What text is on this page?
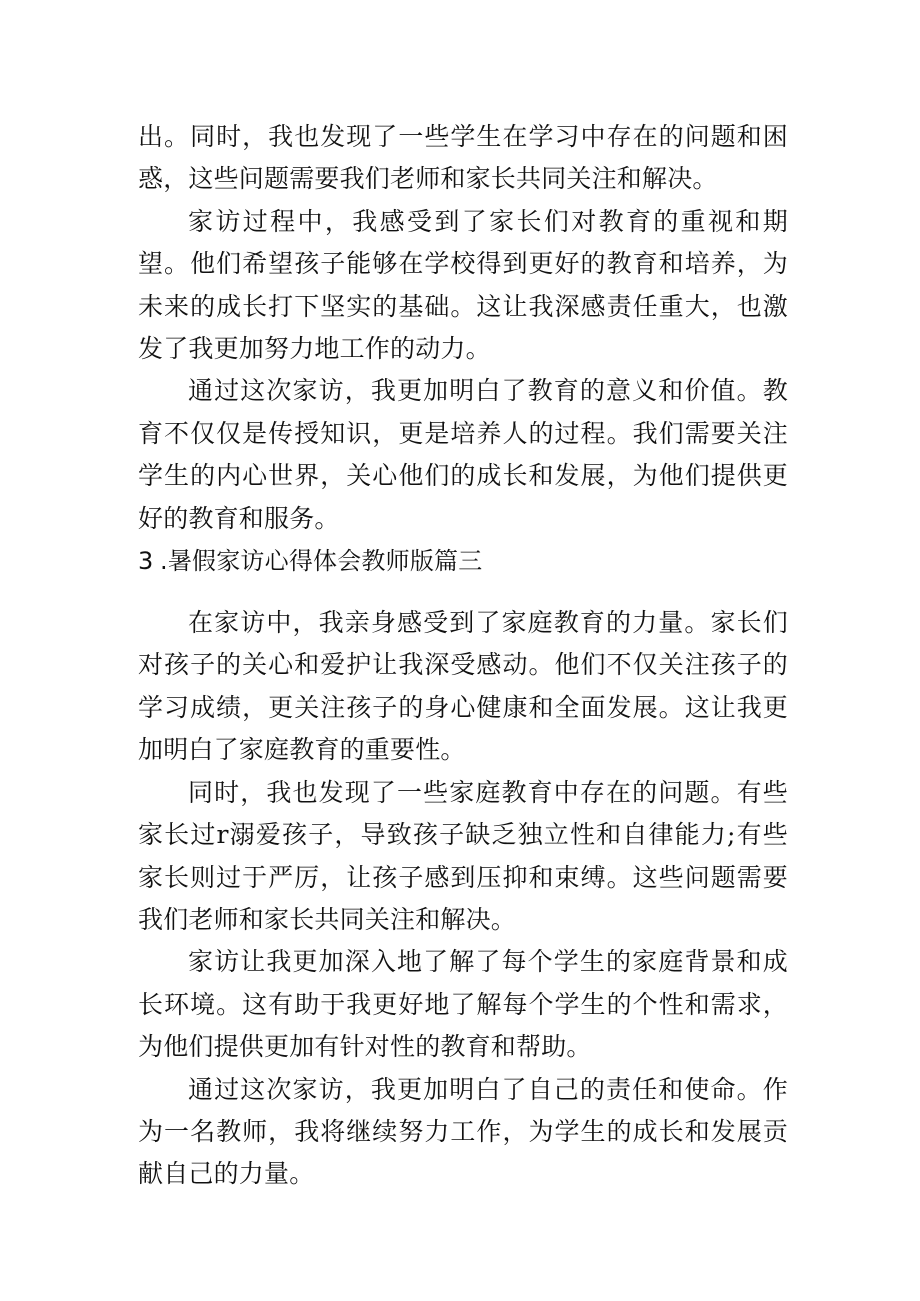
出。同时，我也发现了一些学生在学习中存在的问题和困惑，这些问题需要我们老师和家长共同关注和解决。

家访过程中，我感受到了家长们对教育的重视和期望。他们希望孩子能够在学校得到更好的教育和培养，为未来的成长打下坚实的基础。这让我深感责任重大，也激发了我更加努力地工作的动力。

通过这次家访，我更加明白了教育的意义和价值。教育不仅仅是传授知识，更是培养人的过程。我们需要关注学生的内心世界，关心他们的成长和发展，为他们提供更好的教育和服务。

3 .暑假家访心得体会教师版篇三

在家访中，我亲身感受到了家庭教育的力量。家长们对孩子的关心和爱护让我深受感动。他们不仅关注孩子的学习成绩，更关注孩子的身心健康和全面发展。这让我更加明白了家庭教育的重要性。

同时，我也发现了一些家庭教育中存在的问题。有些家长过r溺爱孩子，导致孩子缺乏独立性和自律能力;有些家长则过于严厉，让孩子感到压抑和束缚。这些问题需要我们老师和家长共同关注和解决。

家访让我更加深入地了解了每个学生的家庭背景和成长环境。这有助于我更好地了解每个学生的个性和需求，为他们提供更加有针对性的教育和帮助。

通过这次家访，我更加明白了自己的责任和使命。作为一名教师，我将继续努力工作，为学生的成长和发展贡献自己的力量。
